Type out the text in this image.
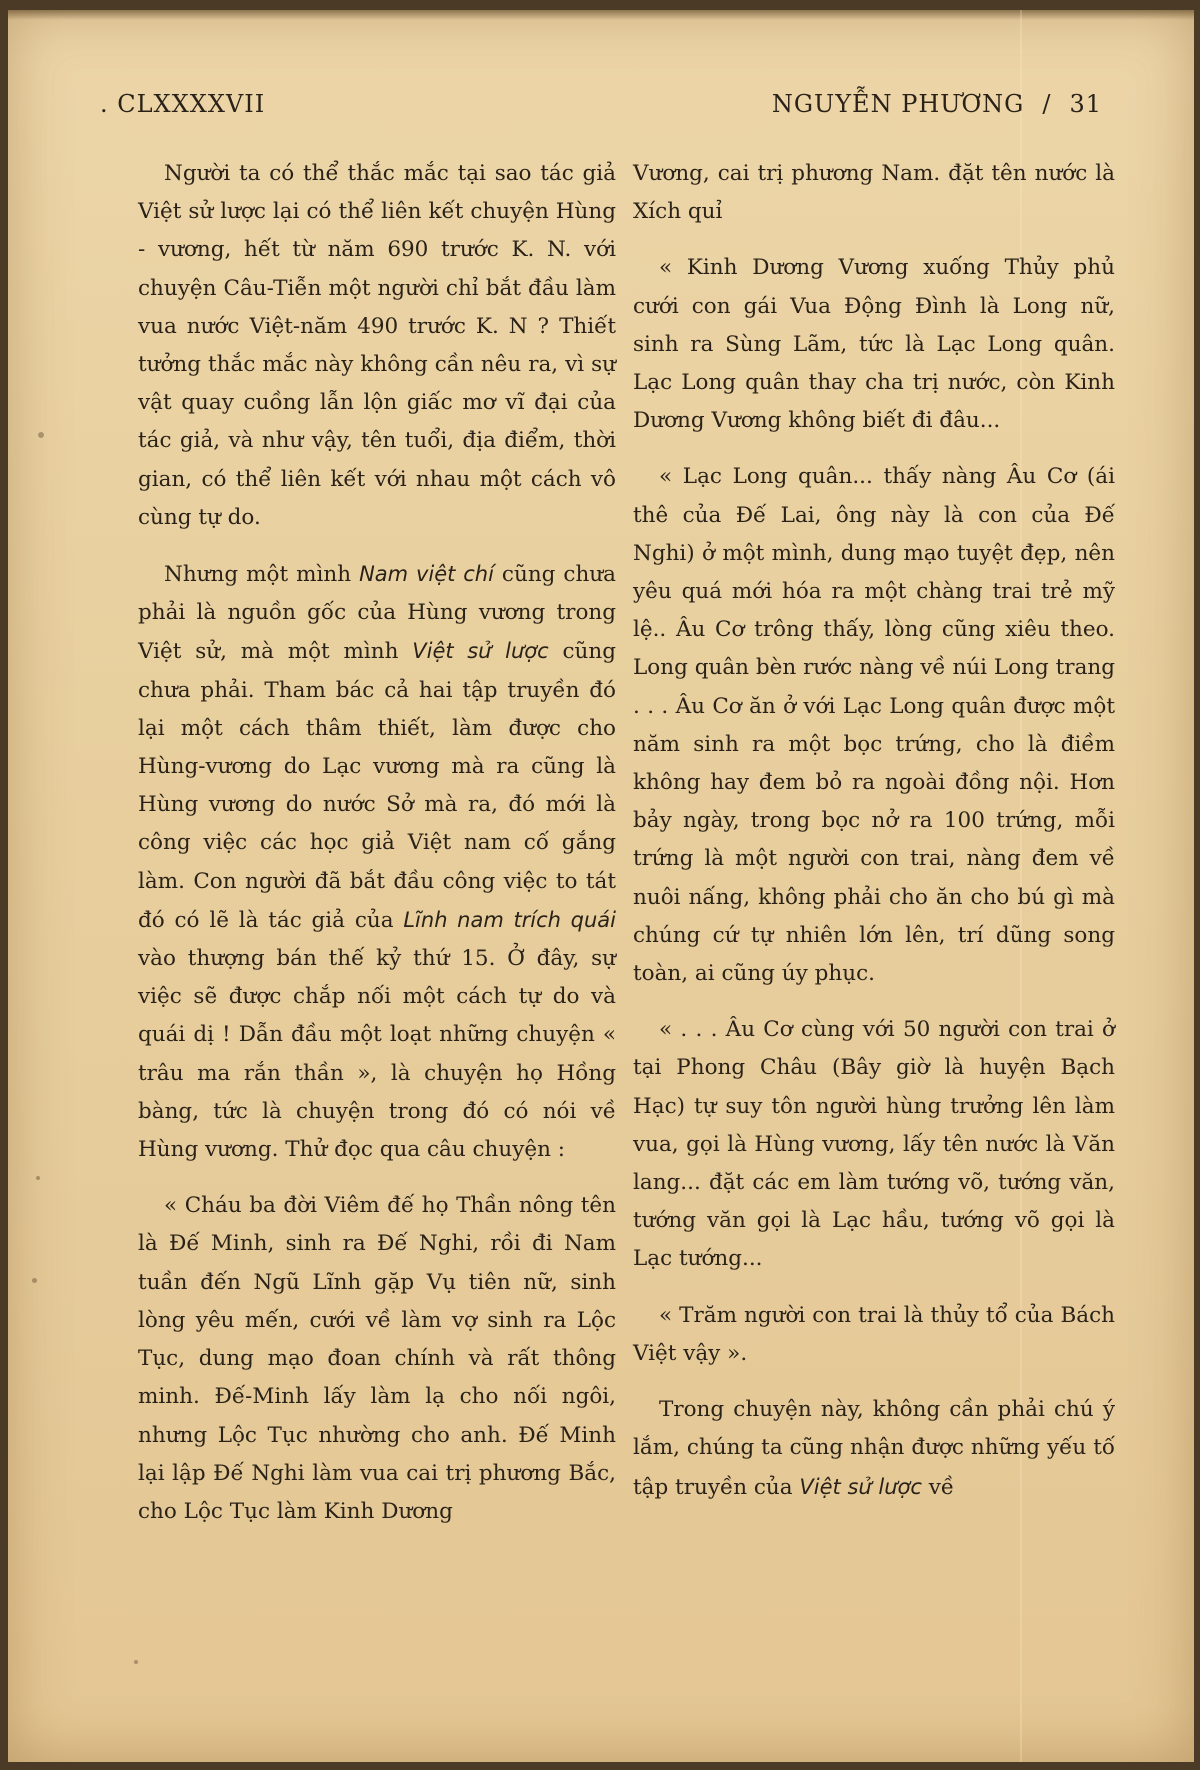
. CLXXXXVII	NGUYỄN PHƯƠNG / 31

Người ta có thể thắc mắc tại sao tác giả Việt sử lược lại có thể liên kết chuyện Hùng - vương, hết từ năm 690 trước K. N. với chuyện Câu-Tiễn một người chỉ bắt đầu làm vua nước Việt-năm 490 trước K. N ? Thiết tưởng thắc mắc này không cần nêu ra, vì sự vật quay cuồng lẫn lộn giấc mơ vĩ đại của tác giả, và như vậy, tên tuổi, địa điểm, thời gian, có thể liên kết với nhau một cách vô cùng tự do.

Nhưng một mình Nam việt chí cũng chưa phải là nguồn gốc của Hùng vương trong Việt sử, mà một mình Việt sử lược cũng chưa phải. Tham bác cả hai tập truyền đó lại một cách thâm thiết, làm được cho Hùng-vương do Lạc vương mà ra cũng là Hùng vương do nước Sở mà ra, đó mới là công việc các học giả Việt nam cố gắng làm. Con người đã bắt đầu công việc to tát đó có lẽ là tác giả của Lĩnh nam trích quái vào thượng bán thế kỷ thứ 15. Ở đây, sự việc sẽ được chắp nối một cách tự do và quái dị ! Dẫn đầu một loạt những chuyện « trâu ma rắn thần », là chuyện họ Hồng bàng, tức là chuyện trong đó có nói về Hùng vương. Thử đọc qua câu chuyện :

« Cháu ba đời Viêm đế họ Thần nông tên là Đế Minh, sinh ra Đế Nghi, rồi đi Nam tuần đến Ngũ Lĩnh gặp Vụ tiên nữ, sinh lòng yêu mến, cưới về làm vợ sinh ra Lộc Tục, dung mạo đoan chính và rất thông minh. Đế-Minh lấy làm lạ cho nối ngôi, nhưng Lộc Tục nhường cho anh. Đế Minh lại lập Đế Nghi làm vua cai trị phương Bắc, cho Lộc Tục làm Kinh Dương

Vương, cai trị phương Nam. đặt tên nước là Xích quỉ

« Kinh Dương Vương xuống Thủy phủ cưới con gái Vua Động Đình là Long nữ, sinh ra Sùng Lãm, tức là Lạc Long quân. Lạc Long quân thay cha trị nước, còn Kinh Dương Vương không biết đi đâu...

« Lạc Long quân... thấy nàng Âu Cơ (ái thê của Đế Lai, ông này là con của Đế Nghi) ở một mình, dung mạo tuyệt đẹp, nên yêu quá mới hóa ra một chàng trai trẻ mỹ lệ.. Âu Cơ trông thấy, lòng cũng xiêu theo. Long quân bèn rước nàng về núi Long trang . . . Âu Cơ ăn ở với Lạc Long quân được một năm sinh ra một bọc trứng, cho là điềm không hay đem bỏ ra ngoài đồng nội. Hơn bảy ngày, trong bọc nở ra 100 trứng, mỗi trứng là một người con trai, nàng đem về nuôi nấng, không phải cho ăn cho bú gì mà chúng cứ tự nhiên lớn lên, trí dũng song toàn, ai cũng úy phục.

« . . . Âu Cơ cùng với 50 người con trai ở tại Phong Châu (Bây giờ là huyện Bạch Hạc) tự suy tôn người hùng trưởng lên làm vua, gọi là Hùng vương, lấy tên nước là Văn lang... đặt các em làm tướng võ, tướng văn, tướng văn gọi là Lạc hầu, tướng võ gọi là Lạc tướng...

« Trăm người con trai là thủy tổ của Bách Việt vậy ».

Trong chuyện này, không cần phải chú ý lắm, chúng ta cũng nhận được những yếu tố tập truyền của Việt sử lược về
